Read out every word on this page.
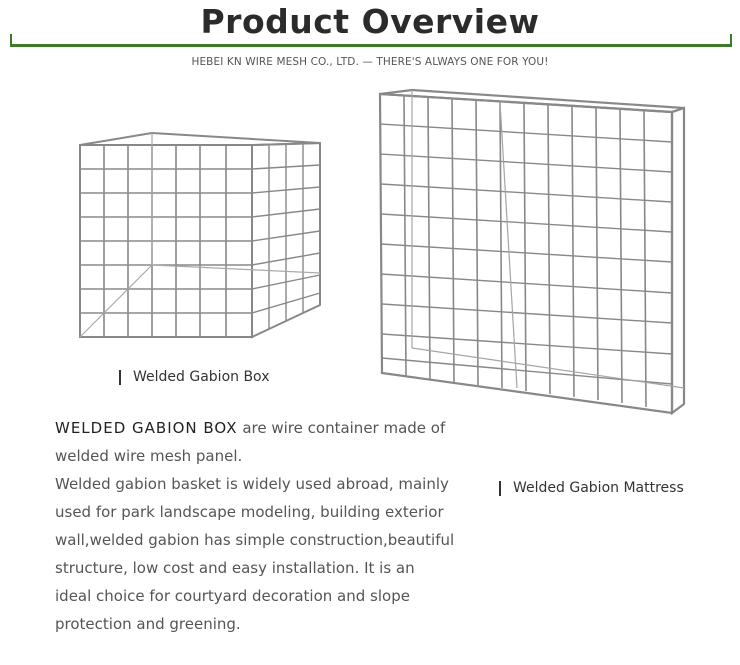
Product Overview
HEBEI KN WIRE MESH CO., LTD. — THERE'S ALWAYS ONE FOR YOU!
Welded Gabion Box
Welded Gabion Mattress

WELDED GABION BOX are wire container made of welded wire mesh panel.

Welded gabion basket is widely used abroad, mainly used for park landscape modeling, building exterior wall,welded gabion has simple construction,beautiful structure, low cost and easy installation. It is an ideal choice for courtyard decoration and slope protection and greening.
